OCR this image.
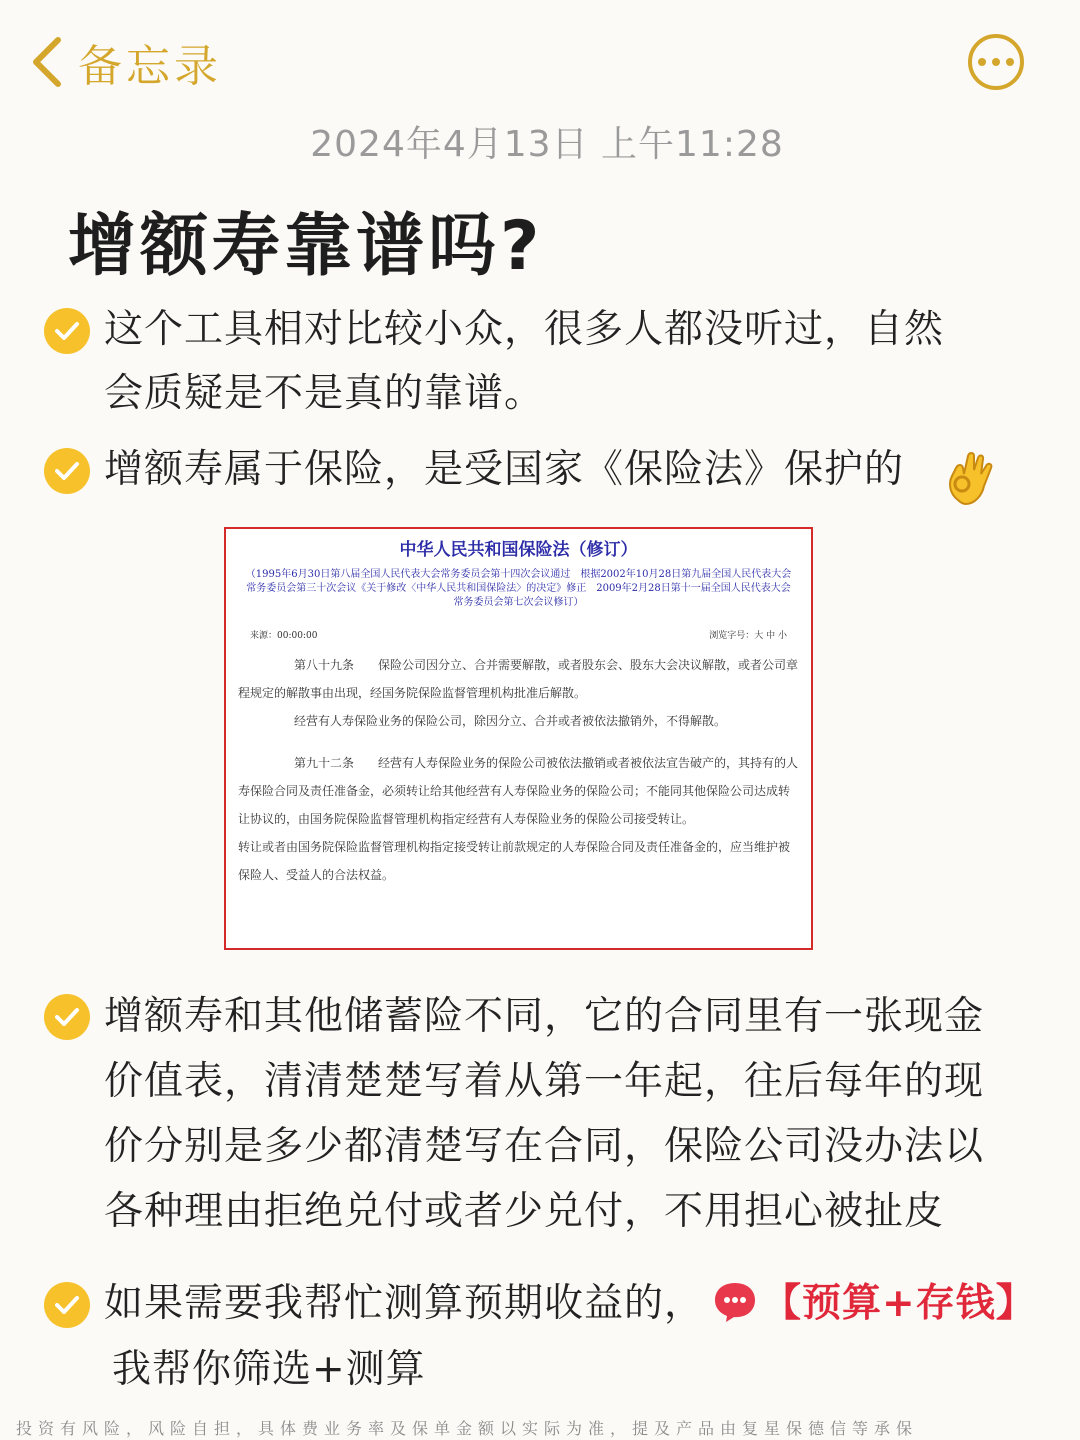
备忘录
2024年4月13日 上午11:28
增额寿靠谱吗?
这个工具相对比较小众，很多人都没听过，自然会质疑是不是真的靠谱。
增额寿属于保险，是受国家《保险法》保护的
中华人民共和国保险法（修订）
（1995年6月30日第八届全国人民代表大会常务委员会第十四次会议通过　根据2002年10月28日第九届全国人民代表大会常务委员会第三十次会议《关于修改〈中华人民共和国保险法〉的决定》修正　2009年2月28日第十一届全国人民代表大会常务委员会第七次会议修订）
来源：00:00:00	浏览字号：大 中 小

第八十九条　　保险公司因分立、合并需要解散，或者股东会、股东大会决议解散，或者公司章程规定的解散事由出现，经国务院保险监督管理机构批准后解散。

经营有人寿保险业务的保险公司，除因分立、合并或者被依法撤销外，不得解散。

第九十二条　　经营有人寿保险业务的保险公司被依法撤销或者被依法宣告破产的，其持有的人寿保险合同及责任准备金，必须转让给其他经营有人寿保险业务的保险公司；不能同其他保险公司达成转让协议的，由国务院保险监督管理机构指定经营有人寿保险业务的保险公司接受转让。

转让或者由国务院保险监督管理机构指定接受转让前款规定的人寿保险合同及责任准备金的，应当维护被保险人、受益人的合法权益。

增额寿和其他储蓄险不同，它的合同里有一张现金价值表，清清楚楚写着从第一年起，往后每年的现价分别是多少都清楚写在合同，保险公司没办法以各种理由拒绝兑付或者少兑付，不用担心被扯皮
如果需要我帮忙测算预期收益的， 【预算+存钱】
我帮你筛选+测算
投资有风险，风险自担，具体费业务率及保单金额以实际为准，提及产品由复星保德信等承保
